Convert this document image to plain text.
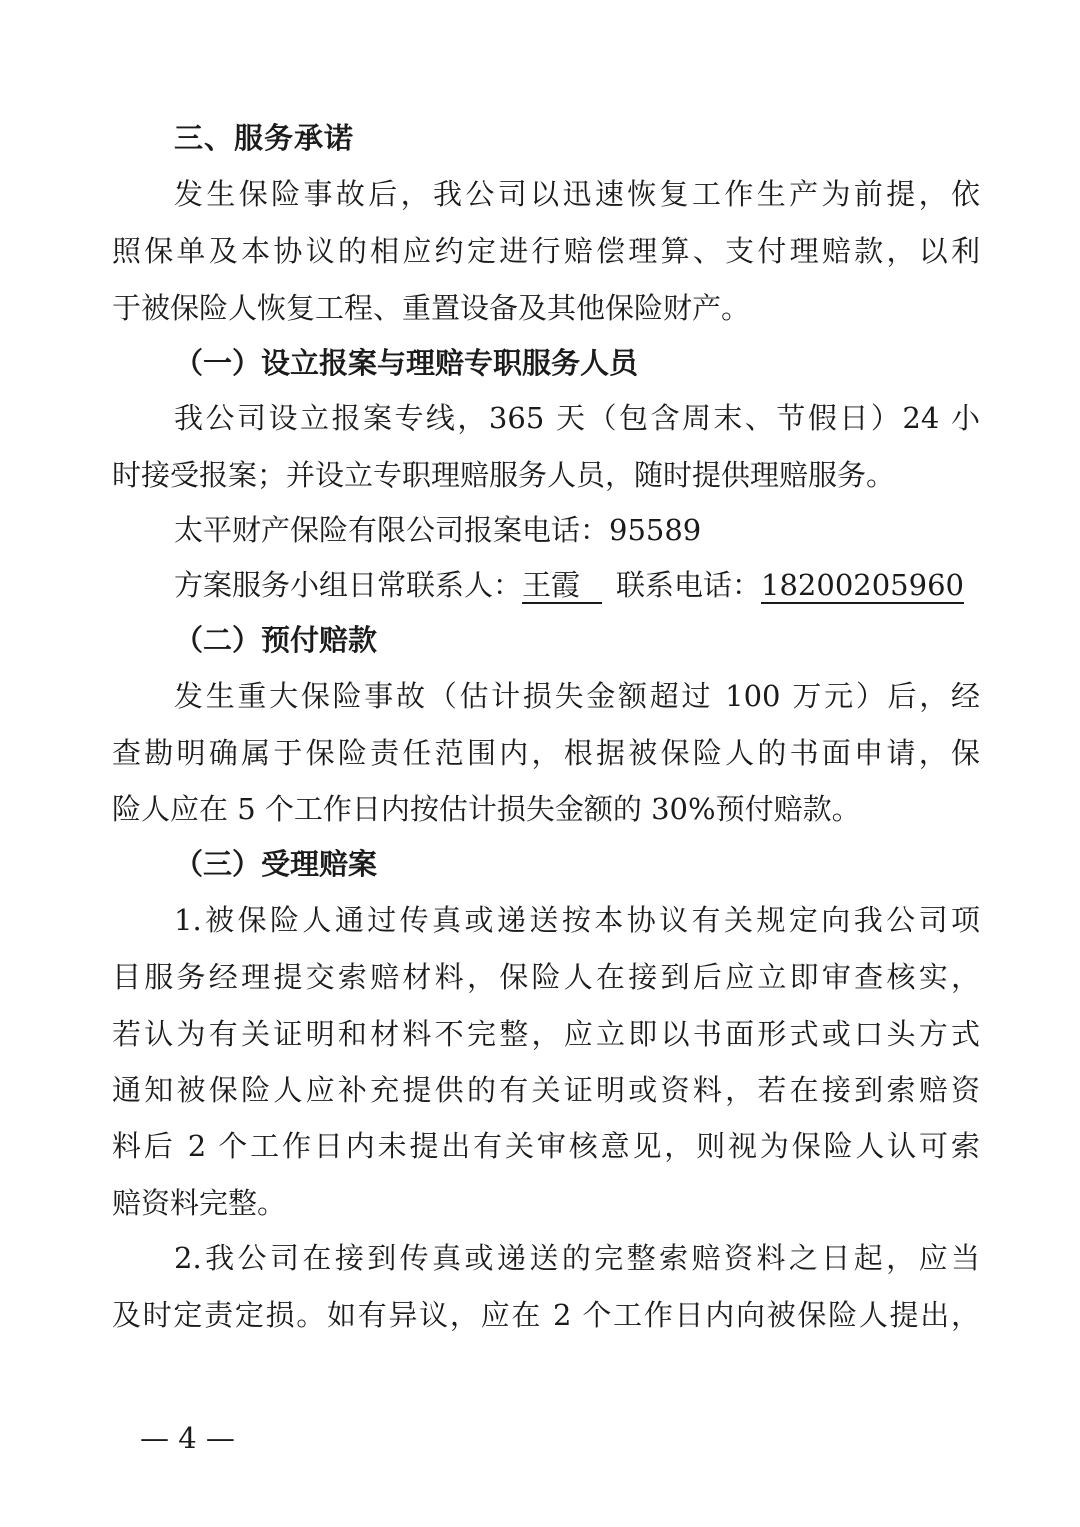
三、服务承诺
发生保险事故后，我公司以迅速恢复工作生产为前提，依
照保单及本协议的相应约定进行赔偿理算、支付理赔款，以利
于被保险人恢复工程、重置设备及其他保险财产。
（一）设立报案与理赔专职服务人员
我公司设立报案专线，365 天（包含周末、节假日）24 小
时接受报案；并设立专职理赔服务人员，随时提供理赔服务。
太平财产保险有限公司报案电话：95589
方案服务小组日常联系人：王霞 联系电话：18200205960
（二）预付赔款
发生重大保险事故（估计损失金额超过 100 万元）后，经
查勘明确属于保险责任范围内，根据被保险人的书面申请，保
险人应在 5 个工作日内按估计损失金额的 30%预付赔款。
（三）受理赔案
1.被保险人通过传真或递送按本协议有关规定向我公司项
目服务经理提交索赔材料，保险人在接到后应立即审查核实，
若认为有关证明和材料不完整，应立即以书面形式或口头方式
通知被保险人应补充提供的有关证明或资料，若在接到索赔资
料后 2 个工作日内未提出有关审核意见，则视为保险人认可索
赔资料完整。
2.我公司在接到传真或递送的完整索赔资料之日起，应当
及时定责定损。如有异议，应在 2 个工作日内向被保险人提出，
— 4 —
